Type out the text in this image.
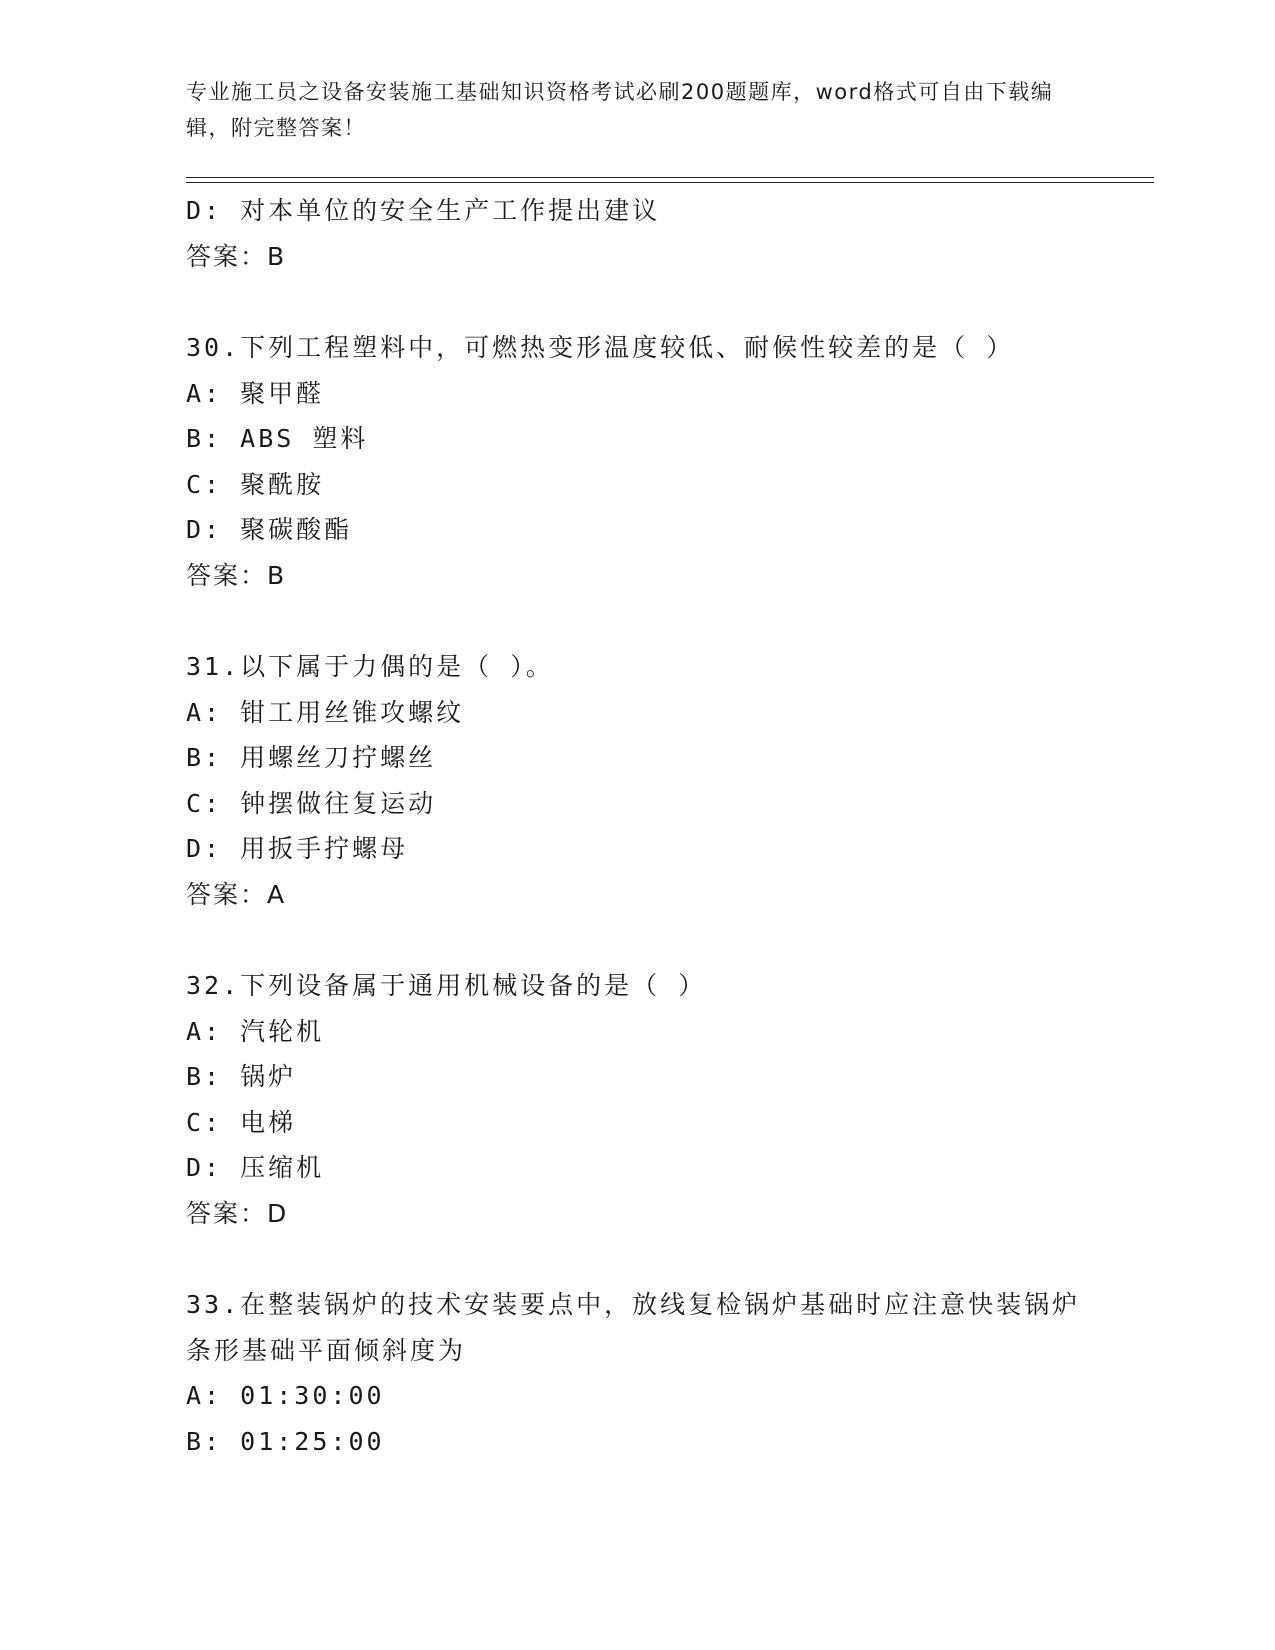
专业施工员之设备安装施工基础知识资格考试必刷200题题库，word格式可自由下载编辑，附完整答案！
D: 对本单位的安全生产工作提出建议
答案：B
30.下列工程塑料中，可燃热变形温度较低、耐候性较差的是（ ）
A: 聚甲醛
B: ABS 塑料
C: 聚酰胺
D: 聚碳酸酯
答案：B
31.以下属于力偶的是（ ）。
A: 钳工用丝锥攻螺纹
B: 用螺丝刀拧螺丝
C: 钟摆做往复运动
D: 用扳手拧螺母
答案：A
32.下列设备属于通用机械设备的是（ ）
A: 汽轮机
B: 锅炉
C: 电梯
D: 压缩机
答案：D
33.在整装锅炉的技术安装要点中，放线复检锅炉基础时应注意快装锅炉条形基础平面倾斜度为
A: 01:30:00
B: 01:25:00
